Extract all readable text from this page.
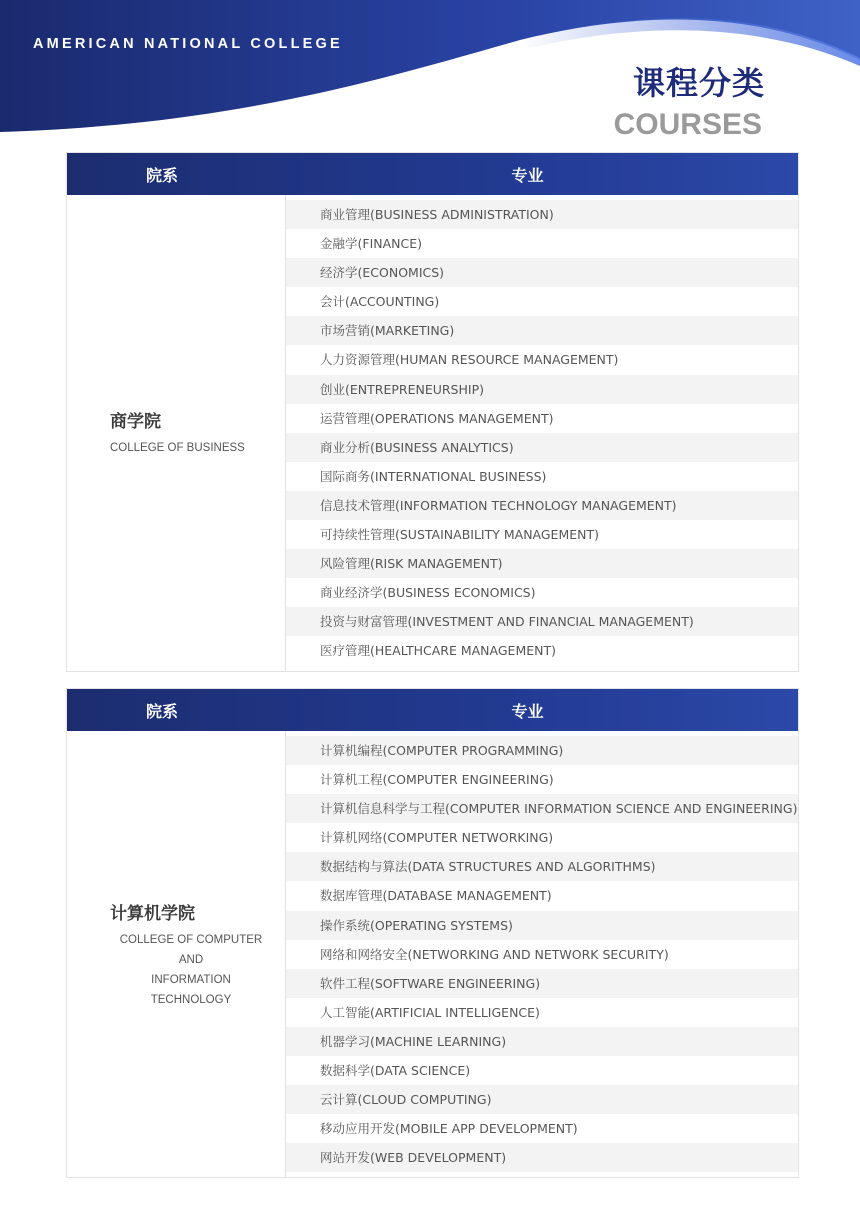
AMERICAN NATIONAL COLLEGE
课程分类
COURSES
院系	专业
商学院
COLLEGE OF BUSINESS
商业管理(BUSINESS ADMINISTRATION)
金融学(FINANCE)
经济学(ECONOMICS)
会计(ACCOUNTING)
市场营销(MARKETING)
人力资源管理(HUMAN RESOURCE MANAGEMENT)
创业(ENTREPRENEURSHIP)
运营管理(OPERATIONS MANAGEMENT)
商业分析(BUSINESS ANALYTICS)
国际商务(INTERNATIONAL BUSINESS)
信息技术管理(INFORMATION TECHNOLOGY MANAGEMENT)
可持续性管理(SUSTAINABILITY MANAGEMENT)
风险管理(RISK MANAGEMENT)
商业经济学(BUSINESS ECONOMICS)
投资与财富管理(INVESTMENT AND FINANCIAL MANAGEMENT)
医疗管理(HEALTHCARE MANAGEMENT)
院系	专业
计算机学院
COLLEGE OF COMPUTER AND
INFORMATION TECHNOLOGY
计算机编程(COMPUTER PROGRAMMING)
计算机工程(COMPUTER ENGINEERING)
计算机信息科学与工程(COMPUTER INFORMATION SCIENCE AND ENGINEERING)
计算机网络(COMPUTER NETWORKING)
数据结构与算法(DATA STRUCTURES AND ALGORITHMS)
数据库管理(DATABASE MANAGEMENT)
操作系统(OPERATING SYSTEMS)
网络和网络安全(NETWORKING AND NETWORK SECURITY)
软件工程(SOFTWARE ENGINEERING)
人工智能(ARTIFICIAL INTELLIGENCE)
机器学习(MACHINE LEARNING)
数据科学(DATA SCIENCE)
云计算(CLOUD COMPUTING)
移动应用开发(MOBILE APP DEVELOPMENT)
网站开发(WEB DEVELOPMENT)
